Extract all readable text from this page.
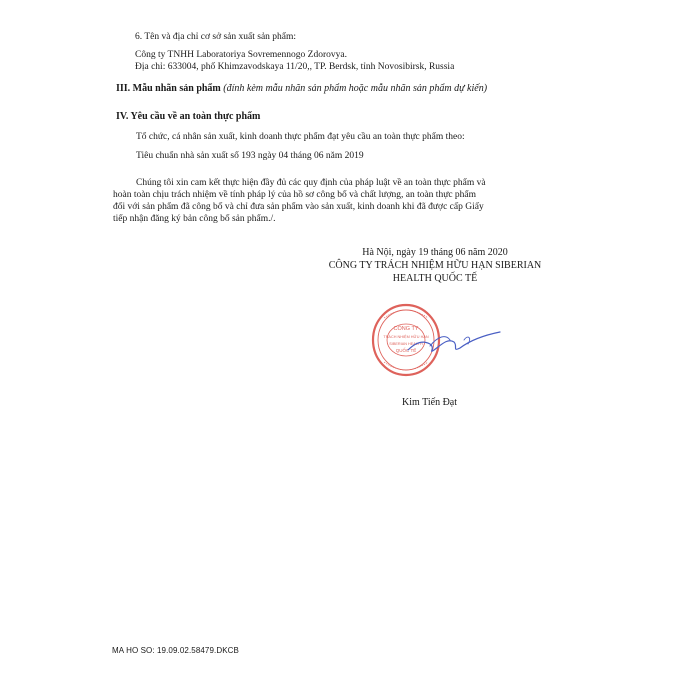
6. Tên và địa chỉ cơ sở sản xuất sản phẩm:
Công ty TNHH Laboratoriya Sovremennogo Zdorovya.
Địa chỉ: 633004, phố Khimzavodskaya 11/20,, TP. Berdsk, tỉnh Novosibirsk, Russia
III. Mẫu nhãn sản phẩm (đính kèm mẫu nhãn sản phẩm hoặc mẫu nhãn sản phẩm dự kiến)
IV. Yêu cầu về an toàn thực phẩm
Tổ chức, cá nhân sản xuất, kinh doanh thực phẩm đạt yêu cầu an toàn thực phẩm theo:
Tiêu chuẩn nhà sản xuất số 193 ngày 04 tháng 06 năm 2019
Chúng tôi xin cam kết thực hiện đầy đủ các quy định của pháp luật về an toàn thực phẩm và
hoàn toàn chịu trách nhiệm về tính pháp lý của hồ sơ công bố và chất lượng, an toàn thực phẩm
đối với sản phẩm đã công bố và chỉ đưa sản phẩm vào sản xuất, kinh doanh khi đã được cấp Giấy
tiếp nhận đăng ký bản công bố sản phẩm./.
Hà Nội, ngày 19 tháng 06 năm 2020
CÔNG TY TRÁCH NHIỆM HỮU HẠN SIBERIAN
HEALTH QUỐC TẾ
CÔNG TY
TRÁCH NHIỆM HỮU HẠN
SIBERIAN HEALTH
QUỐC TẾ
Kim Tiến Đạt
MA HO SO: 19.09.02.58479.DKCB
